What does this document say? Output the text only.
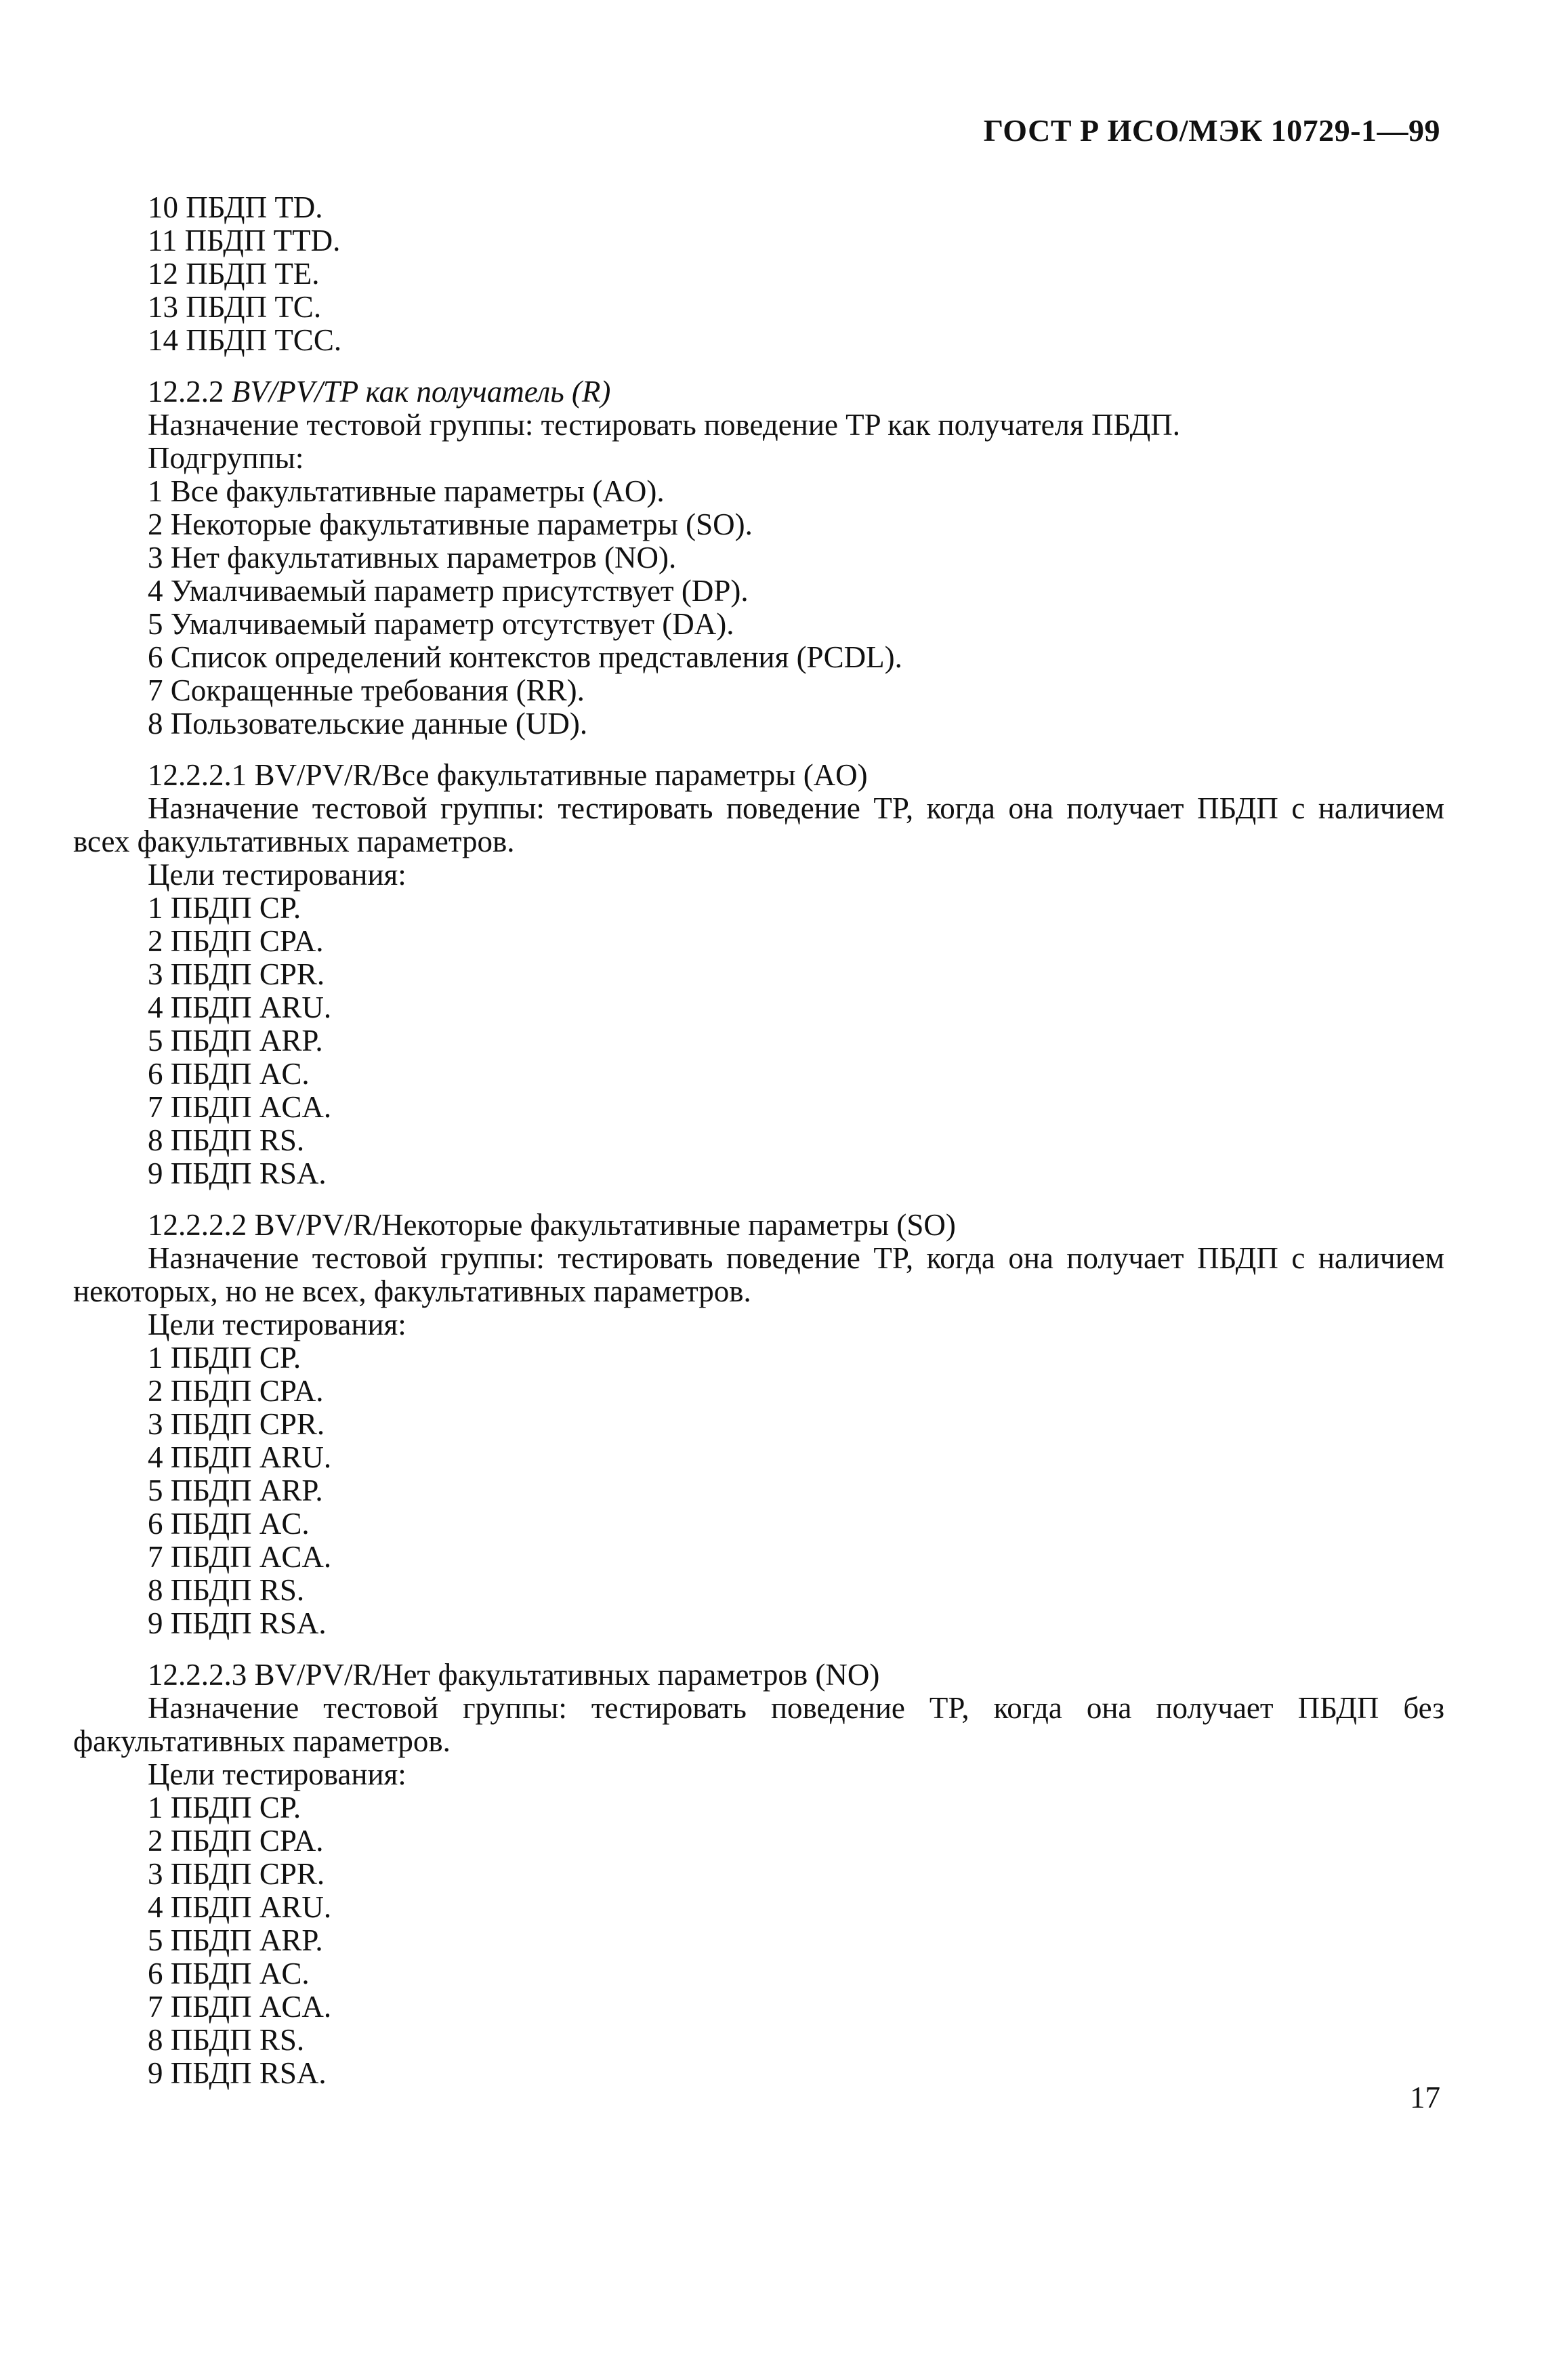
ГОСТ Р ИСО/МЭК 10729-1—99

10 ПБДП TD.

11 ПБДП TTD.

12 ПБДП TE.

13 ПБДП TC.

14 ПБДП TCC.

12.2.2 BV/PV/TP как получатель (R)

Назначение тестовой группы: тестировать поведение TP как получателя ПБДП.

Подгруппы:

1 Все факультативные параметры (AO).

2 Некоторые факультативные параметры (SO).

3 Нет факультативных параметров (NO).

4 Умалчиваемый параметр присутствует (DP).

5 Умалчиваемый параметр отсутствует (DA).

6 Список определений контекстов представления (PCDL).

7 Сокращенные требования (RR).

8 Пользовательские данные (UD).

12.2.2.1 BV/PV/R/Все факультативные параметры (AO)

Назначение тестовой группы: тестировать поведение TP, когда она получает ПБДП с наличием всех факультативных параметров.

Цели тестирования:

1 ПБДП CP.

2 ПБДП CPA.

3 ПБДП CPR.

4 ПБДП ARU.

5 ПБДП ARP.

6 ПБДП AC.

7 ПБДП ACA.

8 ПБДП RS.

9 ПБДП RSA.

12.2.2.2 BV/PV/R/Некоторые факультативные параметры (SO)

Назначение тестовой группы: тестировать поведение TP, когда она получает ПБДП с наличием некоторых, но не всех, факультативных параметров.

Цели тестирования:

1 ПБДП CP.

2 ПБДП CPA.

3 ПБДП CPR.

4 ПБДП ARU.

5 ПБДП ARP.

6 ПБДП AC.

7 ПБДП ACA.

8 ПБДП RS.

9 ПБДП RSA.

12.2.2.3 BV/PV/R/Нет факультативных параметров (NO)

Назначение тестовой группы: тестировать поведение TP, когда она получает ПБДП без факультативных параметров.

Цели тестирования:

1 ПБДП CP.

2 ПБДП CPA.

3 ПБДП CPR.

4 ПБДП ARU.

5 ПБДП ARP.

6 ПБДП AC.

7 ПБДП ACA.

8 ПБДП RS.

9 ПБДП RSA.

17
